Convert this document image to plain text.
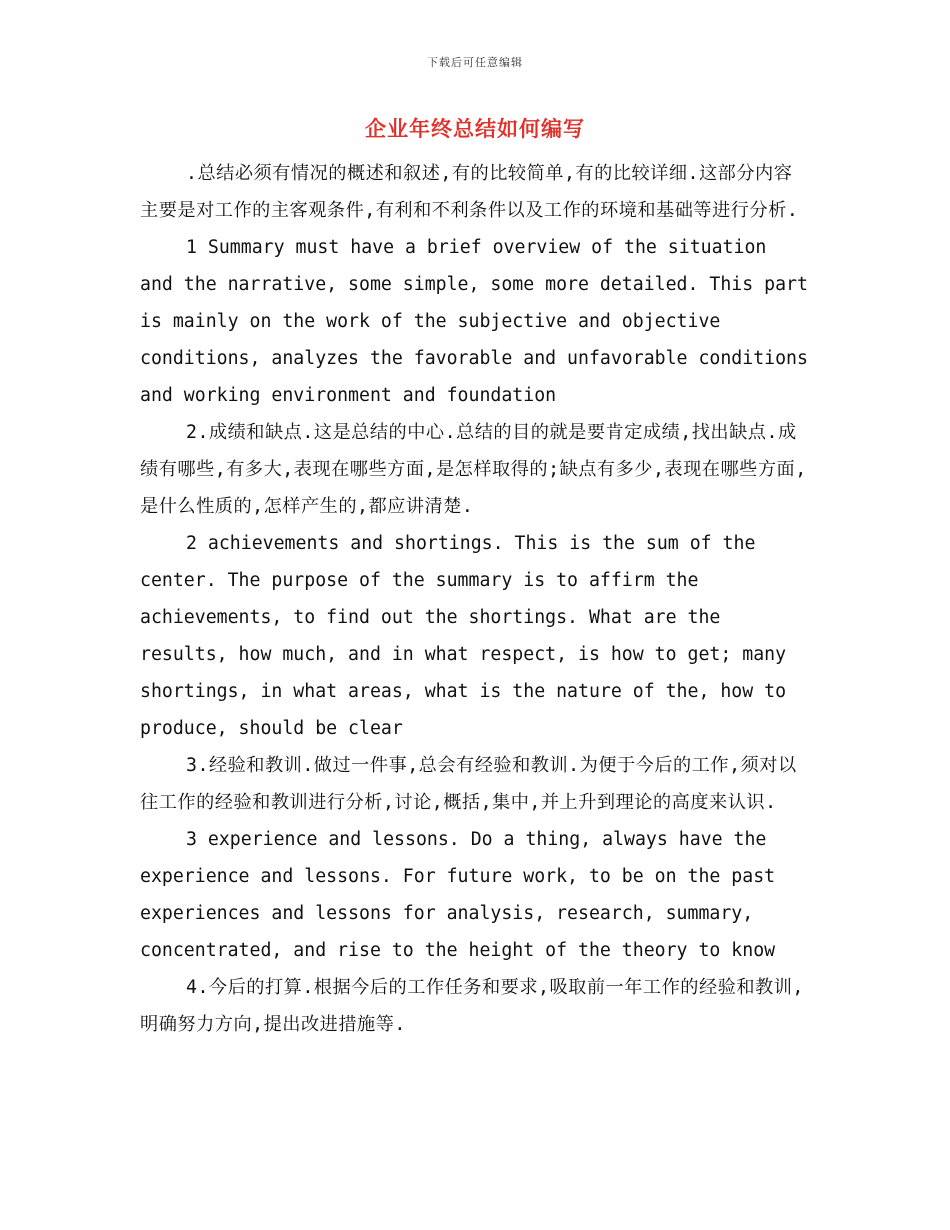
下载后可任意编辑
企业年终总结如何编写

.总结必须有情况的概述和叙述,有的比较简单,有的比较详细.这部分内容主要是对工作的主客观条件,有利和不利条件以及工作的环境和基础等进行分析.

1 Summary must have a brief overview of the situation and the narrative, some simple, some more detailed. This part is mainly on the work of the subjective and objective conditions, analyzes the favorable and unfavorable conditions and working environment and foundation

2.成绩和缺点.这是总结的中心.总结的目的就是要肯定成绩,找出缺点.成绩有哪些,有多大,表现在哪些方面,是怎样取得的;缺点有多少,表现在哪些方面,是什么性质的,怎样产生的,都应讲清楚.

2 achievements and shortings. This is the sum of the center. The purpose of the summary is to affirm the achievements, to find out the shortings. What are the results, how much, and in what respect, is how to get; many shortings, in what areas, what is the nature of the, how to produce, should be clear

3.经验和教训.做过一件事,总会有经验和教训.为便于今后的工作,须对以往工作的经验和教训进行分析,讨论,概括,集中,并上升到理论的高度来认识.

3 experience and lessons. Do a thing, always have the experience and lessons. For future work, to be on the past experiences and lessons for analysis, research, summary, concentrated, and rise to the height of the theory to know

4.今后的打算.根据今后的工作任务和要求,吸取前一年工作的经验和教训,明确努力方向,提出改进措施等.
